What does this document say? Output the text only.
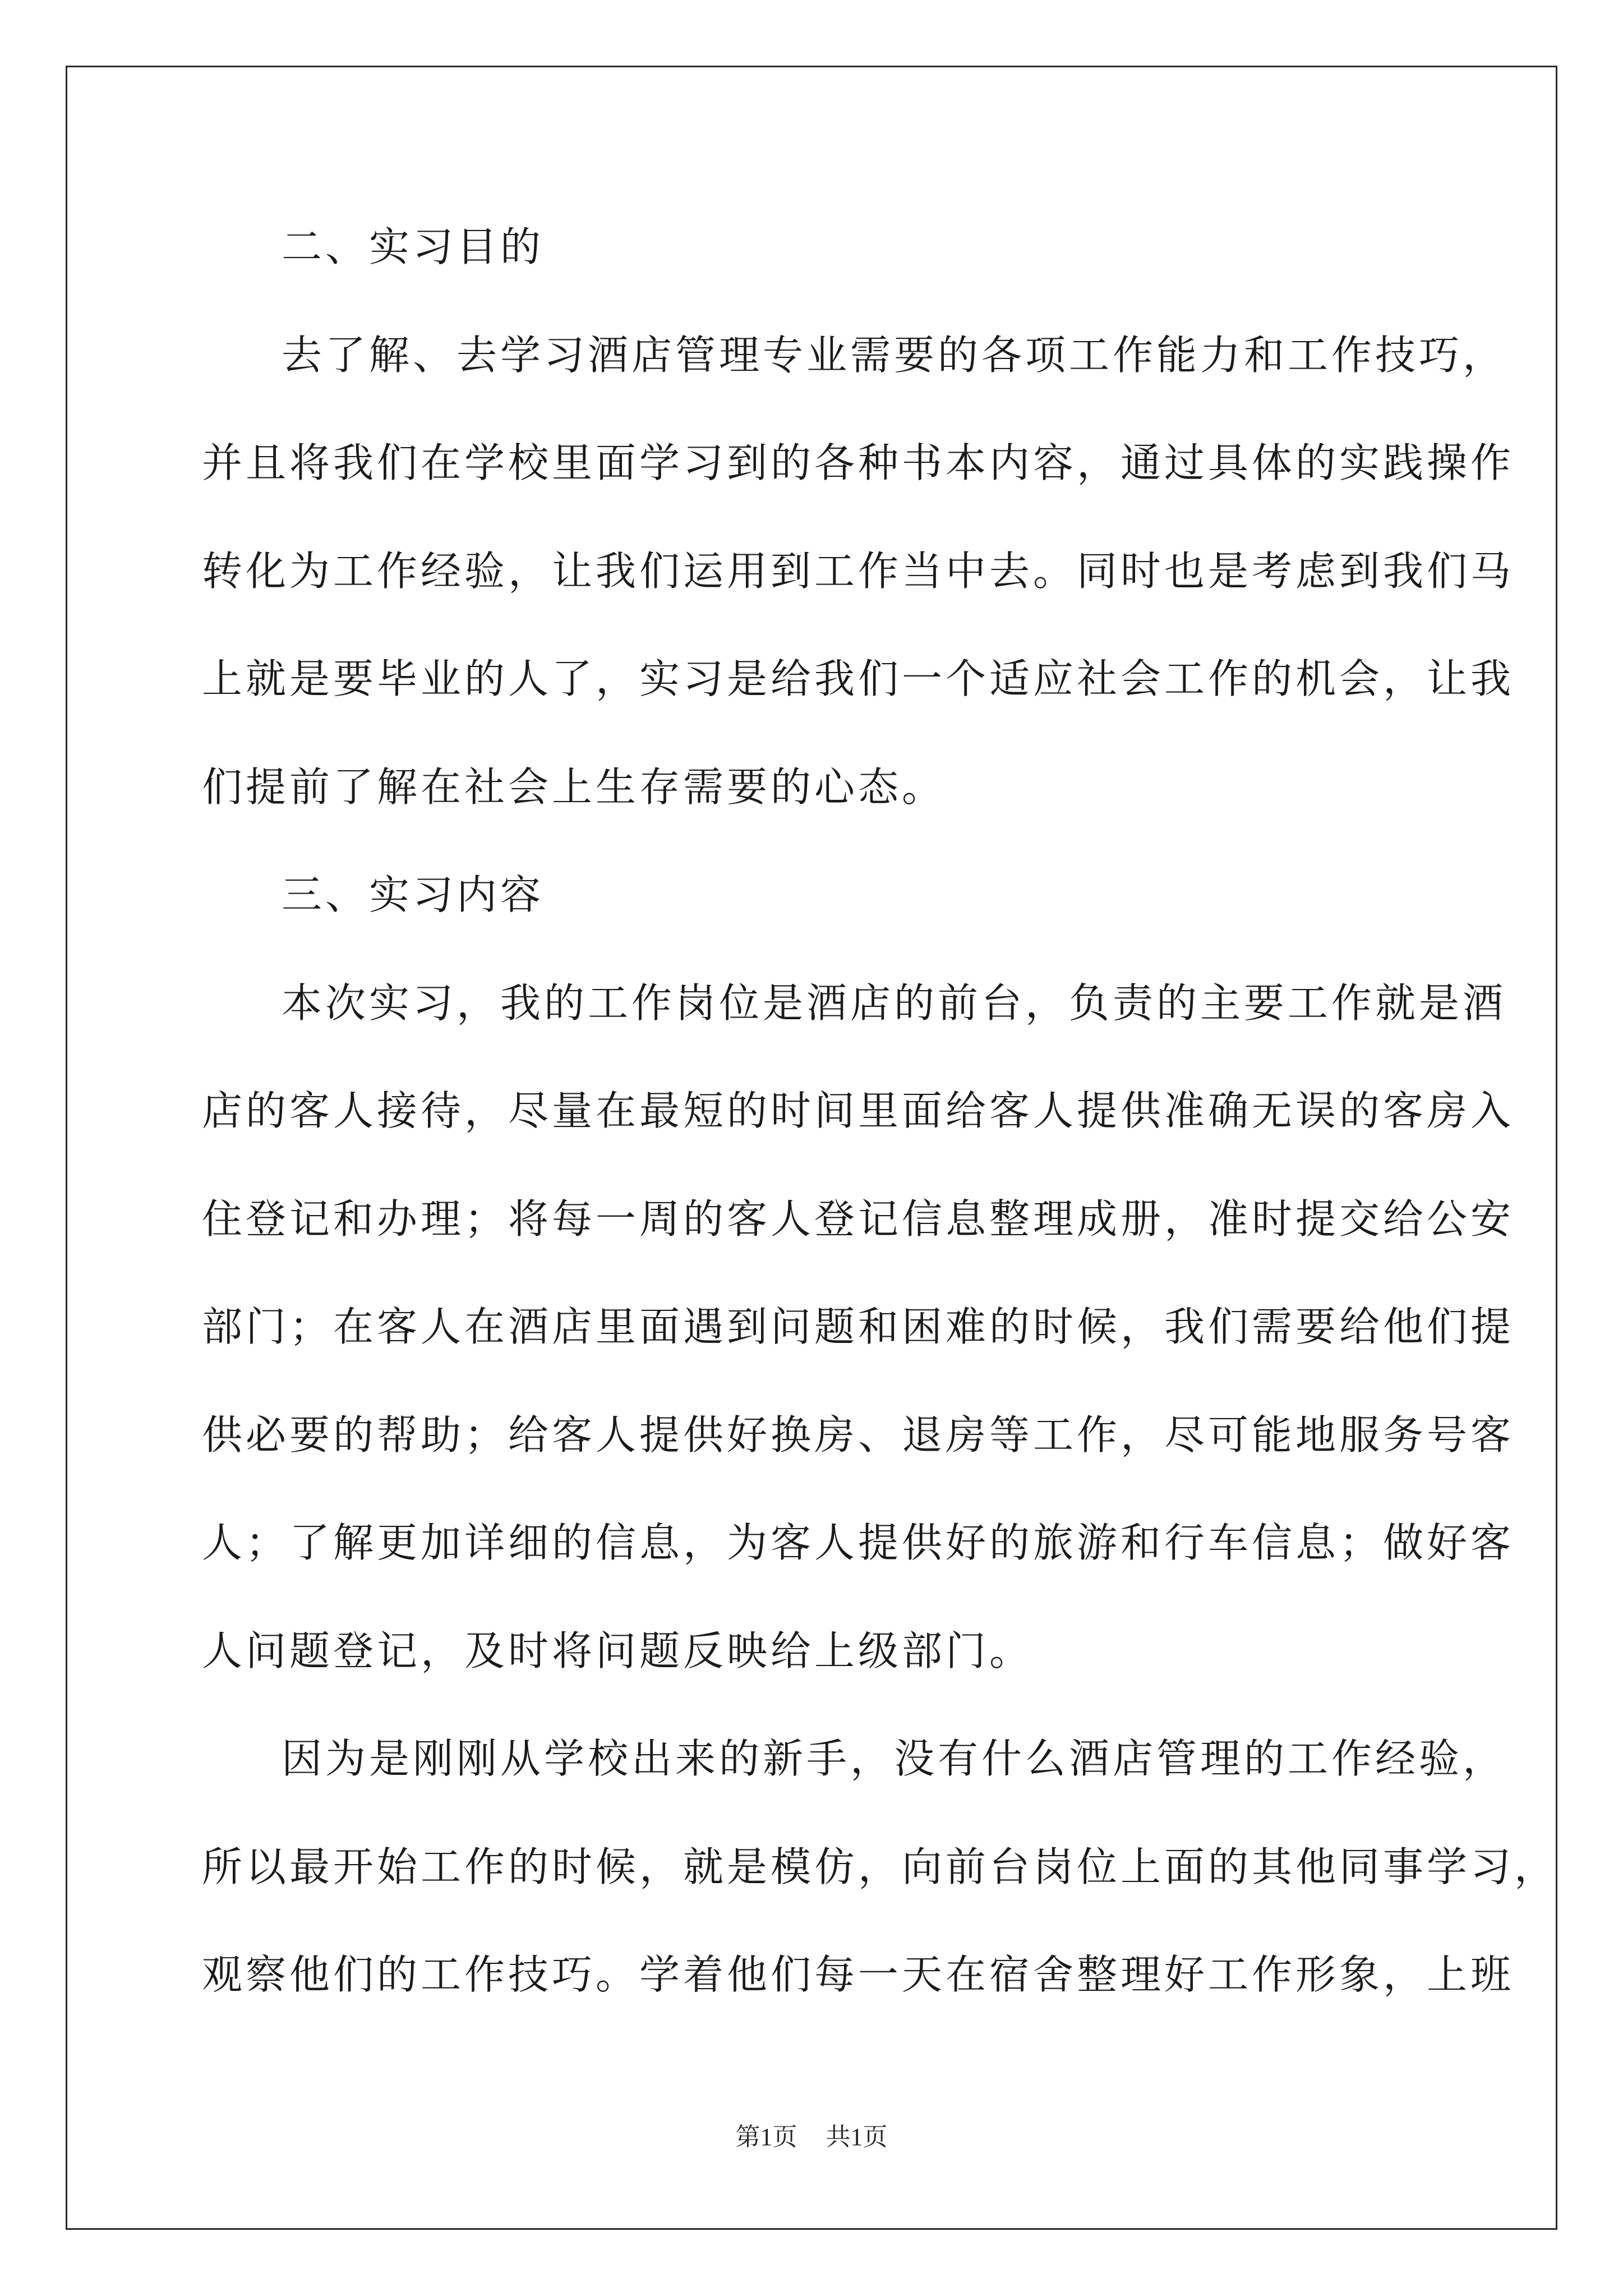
二、实习目的
去了解、去学习酒店管理专业需要的各项工作能力和工作技巧，
并且将我们在学校里面学习到的各种书本内容，通过具体的实践操作
转化为工作经验，让我们运用到工作当中去。同时也是考虑到我们马
上就是要毕业的人了，实习是给我们一个适应社会工作的机会，让我
们提前了解在社会上生存需要的心态。
三、实习内容
本次实习，我的工作岗位是酒店的前台，负责的主要工作就是酒
店的客人接待，尽量在最短的时间里面给客人提供准确无误的客房入
住登记和办理；将每一周的客人登记信息整理成册，准时提交给公安
部门；在客人在酒店里面遇到问题和困难的时候，我们需要给他们提
供必要的帮助；给客人提供好换房、退房等工作，尽可能地服务号客
人；了解更加详细的信息，为客人提供好的旅游和行车信息；做好客
人问题登记，及时将问题反映给上级部门。
因为是刚刚从学校出来的新手，没有什么酒店管理的工作经验，
所以最开始工作的时候，就是模仿，向前台岗位上面的其他同事学习，
观察他们的工作技巧。学着他们每一天在宿舍整理好工作形象，上班
第1页 共1页
